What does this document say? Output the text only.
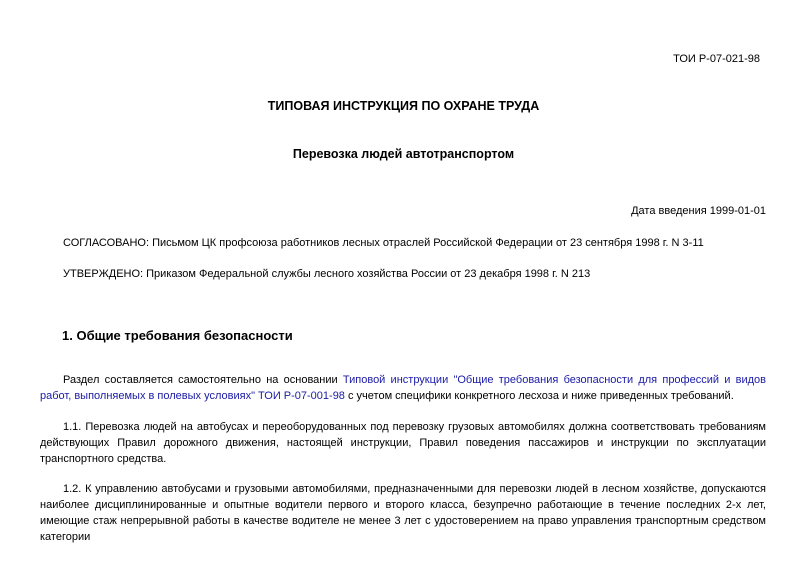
ТОИ Р-07-021-98
ТИПОВАЯ ИНСТРУКЦИЯ ПО ОХРАНЕ ТРУДА
Перевозка людей автотранспортом
Дата введения 1999-01-01
СОГЛАСОВАНО: Письмом ЦК профсоюза работников лесных отраслей Российской Федерации от 23 сентября 1998 г. N 3-11
УТВЕРЖДЕНО: Приказом Федеральной службы лесного хозяйства России от 23 декабря 1998 г. N 213
1. Общие требования безопасности

Раздел составляется самостоятельно на основании Типовой инструкции "Общие требования безопасности для профессий и видов работ, выполняемых в полевых условиях" ТОИ Р-07-001-98 с учетом специфики конкретного лесхоза и ниже приведенных требований.

1.1. Перевозка людей на автобусах и переоборудованных под перевозку грузовых автомобилях должна соответствовать требованиям действующих Правил дорожного движения, настоящей инструкции, Правил поведения пассажиров и инструкции по эксплуатации транспортного средства.

1.2. К управлению автобусами и грузовыми автомобилями, предназначенными для перевозки людей в лесном хозяйстве, допускаются наиболее дисциплинированные и опытные водители первого и второго класса, безупречно работающие в течение последних 2-х лет, имеющие стаж непрерывной работы в качестве водителе не менее 3 лет с удостоверением на право управления транспортным средством категории
